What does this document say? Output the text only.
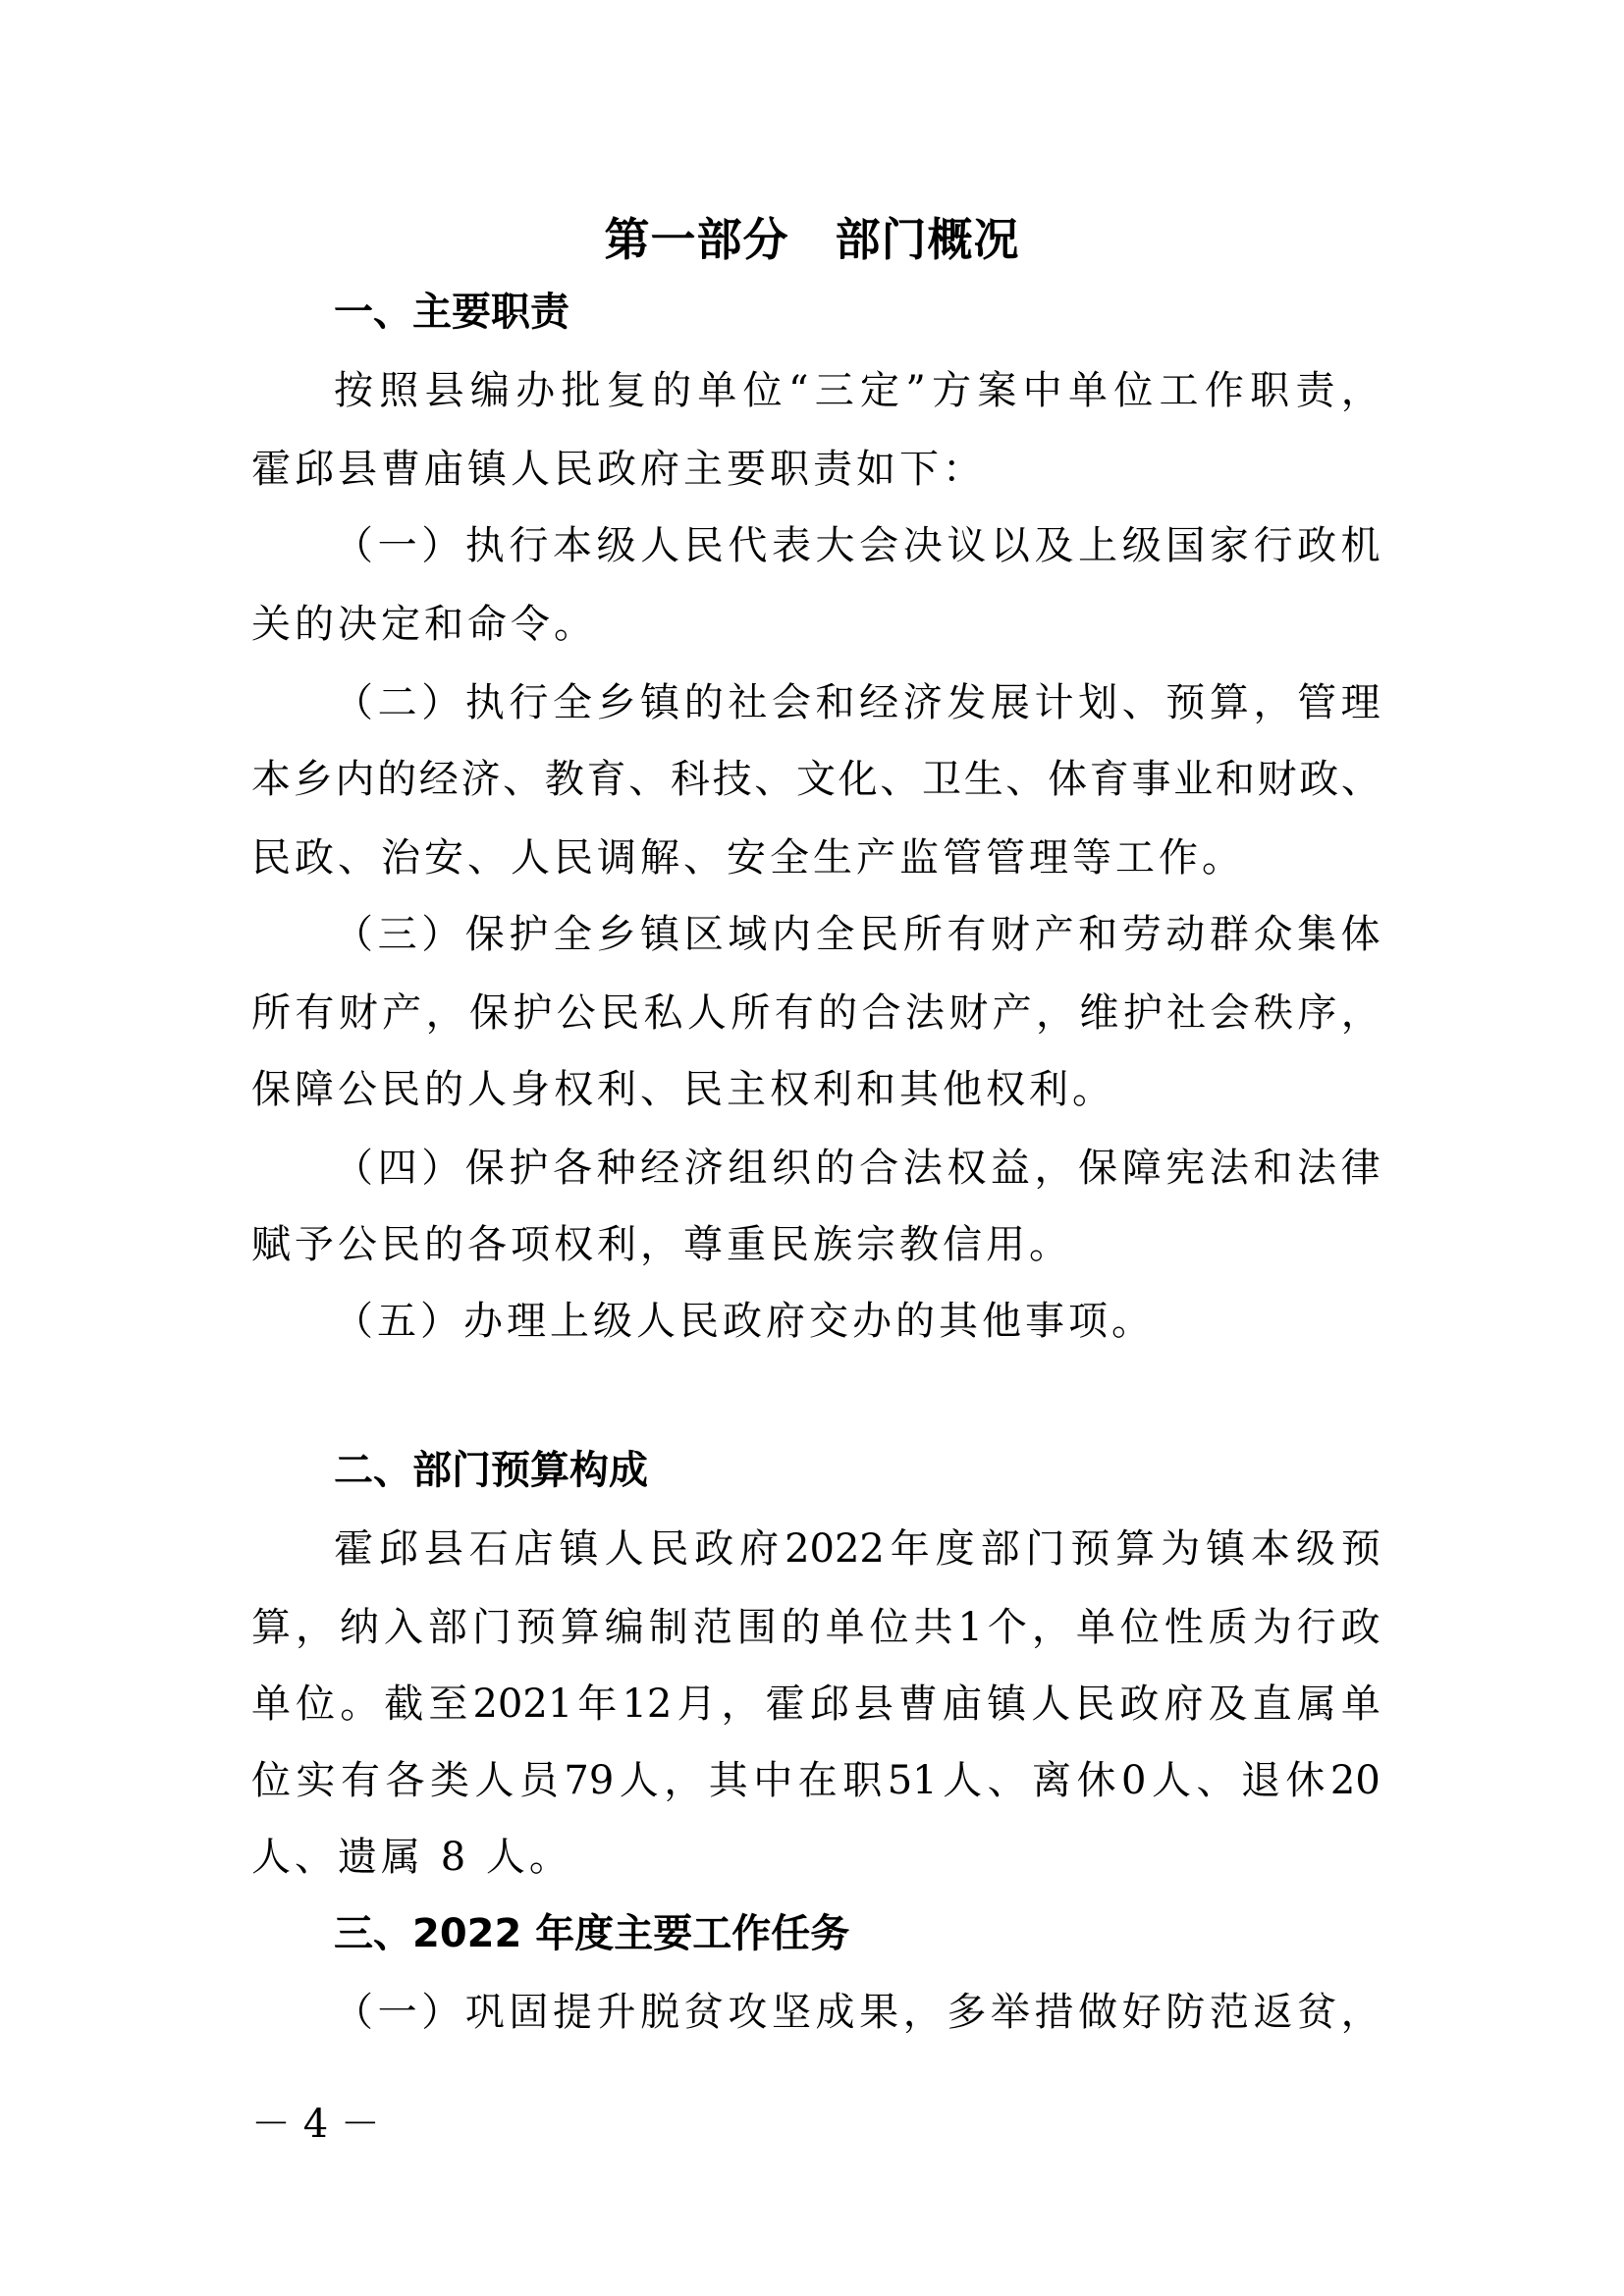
第一部分　部门概况
一、主要职责

按 照 县 编 办 批 复 的 单 位 “ 三 定 ” 方 案 中 单 位 工 作 职 责 ，

霍邱县曹庙镇人民政府主要职责如下：

（ 一 ） 执 行 本 级 人 民 代 表 大 会 决 议 以 及 上 级 国 家 行 政 机

关的决定和命令。

（ 二 ） 执 行 全 乡 镇 的 社 会 和 经 济 发 展 计 划 、 预 算 ， 管 理

本 乡 内 的 经 济 、 教 育 、 科 技 、 文 化 、 卫 生 、 体 育 事 业 和 财 政 、

民政、治安、人民调解、安全生产监管管理等工作。

（ 三 ） 保 护 全 乡 镇 区 域 内 全 民 所 有 财 产 和 劳 动 群 众 集 体

所 有 财 产 ， 保 护 公 民 私 人 所 有 的 合 法 财 产 ， 维 护 社 会 秩 序 ，

保障公民的人身权利、民主权利和其他权利。

（ 四 ） 保 护 各 种 经 济 组 织 的 合 法 权 益 ， 保 障 宪 法 和 法 律

赋予公民的各项权利，尊重民族宗教信用。

（五）办理上级人民政府交办的其他事项。

二、部门预算构成

霍 邱 县 石 店 镇 人 民 政 府 2022 年 度 部 门 预 算 为 镇 本 级 预

算 ， 纳 入 部 门 预 算 编 制 范 围 的 单 位 共 1 个 ， 单 位 性 质 为 行 政

单 位 。 截 至 2021 年 12 月 ， 霍 邱 县 曹 庙 镇 人 民 政 府 及 直 属 单

位 实 有 各 类 人 员 79 人 ， 其 中 在 职 51 人 、 离 休 0 人 、 退 休 20

人、遗属 8 人。

三、2022 年度主要工作任务

（ 一 ） 巩 固 提 升 脱 贫 攻 坚 成 果 ， 多 举 措 做 好 防 范 返 贫 ，

－ 4 －
